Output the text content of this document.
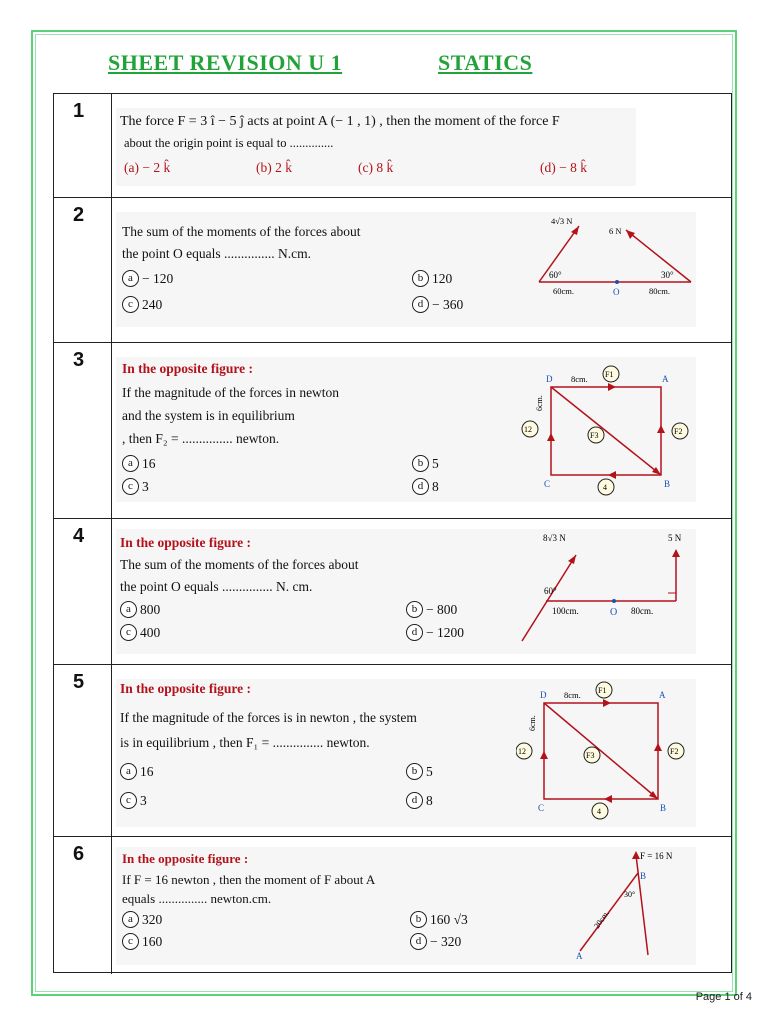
SHEET REVISION U 1	STATICS
1	The force F = 3 î − 5 ĵ acts at point A (− 1 , 1) , then the moment of the force F
about the origin point is equal to ..............
(a) − 2 k̂	(b) 2 k̂	(c) 8 k̂	(d) − 8 k̂
2
The sum of the moments of the forces about
the point O equals ............... N.cm.
a − 120	b 120
c 240	d − 360
60°	30°
60cm.	O	80cm.
4√3 N
6 N
3	In the opposite figure :
If the magnitude of the forces in newton
and the system is in equilibrium
, then F₂ = ............... newton.
a 16	b 5
c 3	d 8
D	A
B
C
8cm.
6cm.
F1
F2
F3
12
4
4	In the opposite figure :
The sum of the moments of the forces about
the point O equals ............... N. cm.
a 800	b − 800
c 400	d − 1200
8√3 N	5 N
60°
100cm.	O 80cm.
5	In the opposite figure :
If the magnitude of the forces is in newton , the system
is in equilibrium , then F₁ = ............... newton.
a 16	b 5
c 3	d 8
D	A
B
C
8cm.
6cm.
F1
F2
F3
12
4
6	In the opposite figure :
If F = 16 newton , then the moment of F about A
equals ............... newton.cm.
a 320	b 160 √3
c 160	d − 320
F = 16 N
B
A
30°
20cm.
Page 1 of 4
